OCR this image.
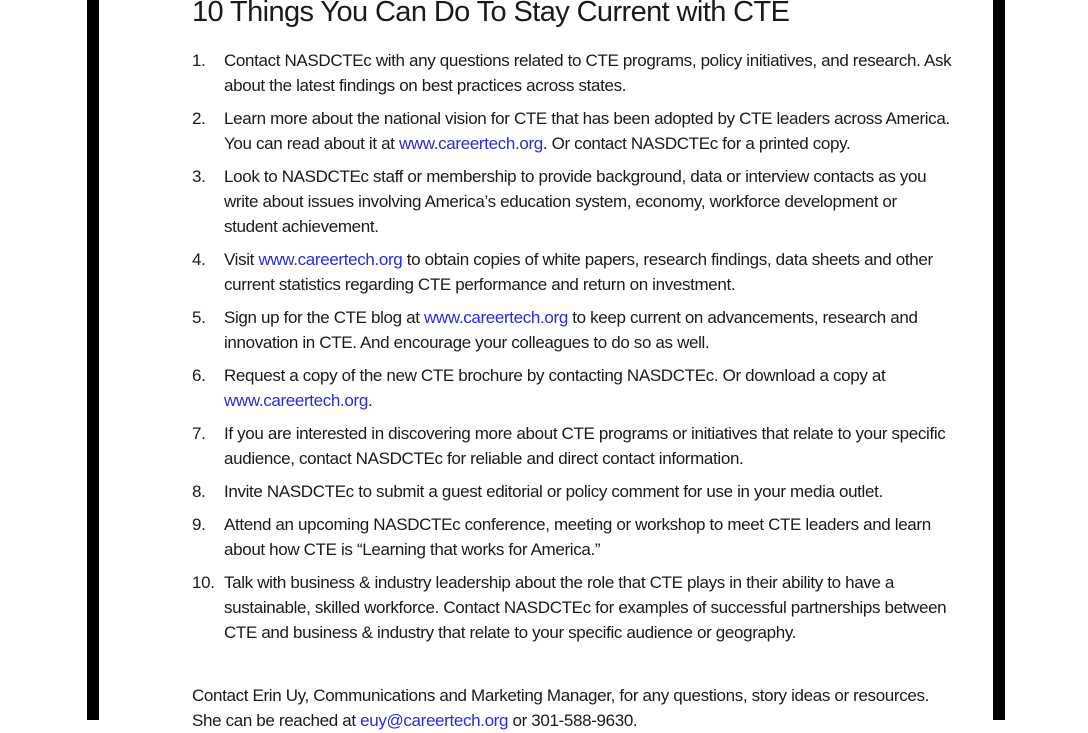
10 Things You Can Do To Stay Current with CTE
1.	Contact NASDCTEc with any questions related to CTE programs, policy initiatives, and research. Ask about the latest findings on best practices across states.
2.	Learn more about the national vision for CTE that has been adopted by CTE leaders across America. You can read about it at www.careertech.org. Or contact NASDCTEc for a printed copy.
3.	Look to NASDCTEc staff or membership to provide background, data or interview contacts as you write about issues involving America’s education system, economy, workforce development or student achievement.
4.	Visit www.careertech.org to obtain copies of white papers, research findings, data sheets and other current statistics regarding CTE performance and return on investment.
5.	Sign up for the CTE blog at www.careertech.org to keep current on advancements, research and innovation in CTE. And encourage your colleagues to do so as well.
6.	Request a copy of the new CTE brochure by contacting NASDCTEc. Or download a copy at www.careertech.org.
7.	If you are interested in discovering more about CTE programs or initiatives that relate to your specific audience, contact NASDCTEc for reliable and direct contact information.
8.	Invite NASDCTEc to submit a guest editorial or policy comment for use in your media outlet.
9.	Attend an upcoming NASDCTEc conference, meeting or workshop to meet CTE leaders and learn about how CTE is “Learning that works for America.”
10. Talk with business & industry leadership about the role that CTE plays in their ability to have a sustainable, skilled workforce. Contact NASDCTEc for examples of successful partnerships between CTE and business & industry that relate to your specific audience or geography.
Contact Erin Uy, Communications and Marketing Manager, for any questions, story ideas or resources. She can be reached at euy@careertech.org or 301-588-9630.
